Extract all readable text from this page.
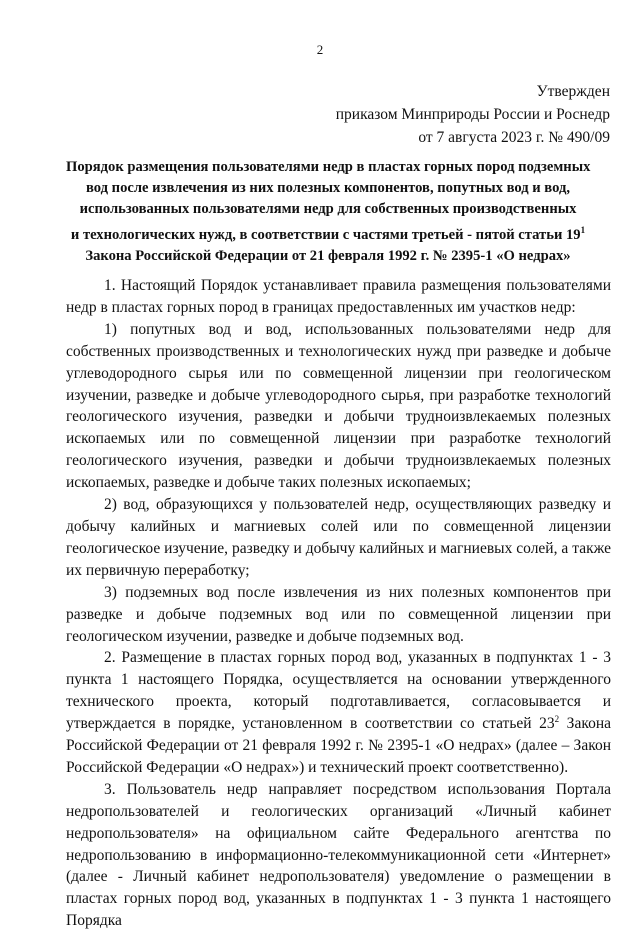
2
Утвержден
приказом Минприроды России и Роснедр
от 7 августа 2023 г. № 490/09
Порядок размещения пользователями недр в пластах горных пород подземных
вод после извлечения из них полезных компонентов, попутных вод и вод,
использованных пользователями недр для собственных производственных
и технологических нужд, в соответствии с частями третьей - пятой статьи $19^1$
Закона Российской Федерации от 21 февраля 1992 г. № 2395-1 «О недрах»

1. Настоящий Порядок устанавливает правила размещения пользователями недр в пластах горных пород в границах предоставленных им участков недр:

1) попутных вод и вод, использованных пользователями недр для собственных производственных и технологических нужд при разведке и добыче углеводородного сырья или по совмещенной лицензии при геологическом изучении, разведке и добыче углеводородного сырья, при разработке технологий геологического изучения, разведки и добычи трудноизвлекаемых полезных ископаемых или по совмещенной лицензии при разработке технологий геологического изучения, разведки и добычи трудноизвлекаемых полезных ископаемых, разведке и добыче таких полезных ископаемых;

2) вод, образующихся у пользователей недр, осуществляющих разведку и добычу калийных и магниевых солей или по совмещенной лицензии геологическое изучение, разведку и добычу калийных и магниевых солей, а также их первичную переработку;

3) подземных вод после извлечения из них полезных компонентов при разведке и добыче подземных вод или по совмещенной лицензии при геологическом изучении, разведке и добыче подземных вод.

2. Размещение в пластах горных пород вод, указанных в подпунктах 1 - 3 пункта 1 настоящего Порядка, осуществляется на основании утвержденного технического проекта, который подготавливается, согласовывается и утверждается в порядке, установленном в соответствии со статьей $23^2$ Закона Российской Федерации от 21 февраля 1992 г. № 2395-1 «О недрах» (далее – Закон Российской Федерации «О недрах») и технический проект соответственно).

3. Пользователь недр направляет посредством использования Портала недропользователей и геологических организаций «Личный кабинет недропользователя» на официальном сайте Федерального агентства по недропользованию в информационно-телекоммуникационной сети «Интернет» (далее - Личный кабинет недропользователя) уведомление о размещении в пластах горных пород вод, указанных в подпунктах 1 - 3 пункта 1 настоящего Порядка
